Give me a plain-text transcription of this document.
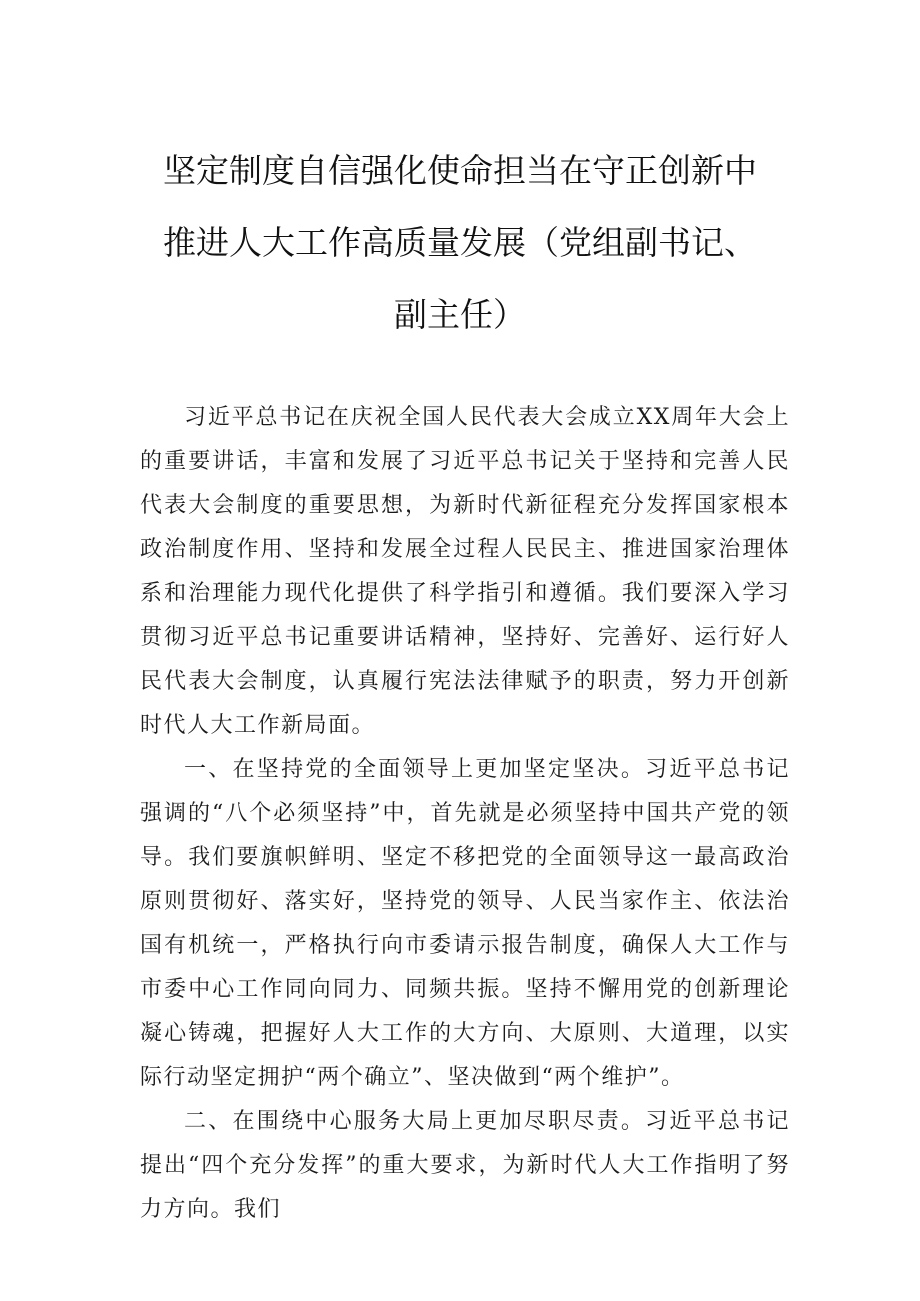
坚定制度自信强化使命担当在守正创新中
推进人大工作高质量发展（党组副书记、
副主任）

习近平总书记在庆祝全国人民代表大会成立XX周年大会上的重要讲话，丰富和发展了习近平总书记关于坚持和完善人民代表大会制度的重要思想，为新时代新征程充分发挥国家根本政治制度作用、坚持和发展全过程人民民主、推进国家治理体系和治理能力现代化提供了科学指引和遵循。我们要深入学习贯彻习近平总书记重要讲话精神，坚持好、完善好、运行好人民代表大会制度，认真履行宪法法律赋予的职责，努力开创新时代人大工作新局面。

一、在坚持党的全面领导上更加坚定坚决。习近平总书记强调的“八个必须坚持”中，首先就是必须坚持中国共产党的领导。我们要旗帜鲜明、坚定不移把党的全面领导这一最高政治原则贯彻好、落实好，坚持党的领导、人民当家作主、依法治国有机统一，严格执行向市委请示报告制度，确保人大工作与市委中心工作同向同力、同频共振。坚持不懈用党的创新理论凝心铸魂，把握好人大工作的大方向、大原则、大道理，以实际行动坚定拥护“两个确立”、坚决做到“两个维护”。

二、在围绕中心服务大局上更加尽职尽责。习近平总书记提出“四个充分发挥”的重大要求，为新时代人大工作指明了努力方向。我们
